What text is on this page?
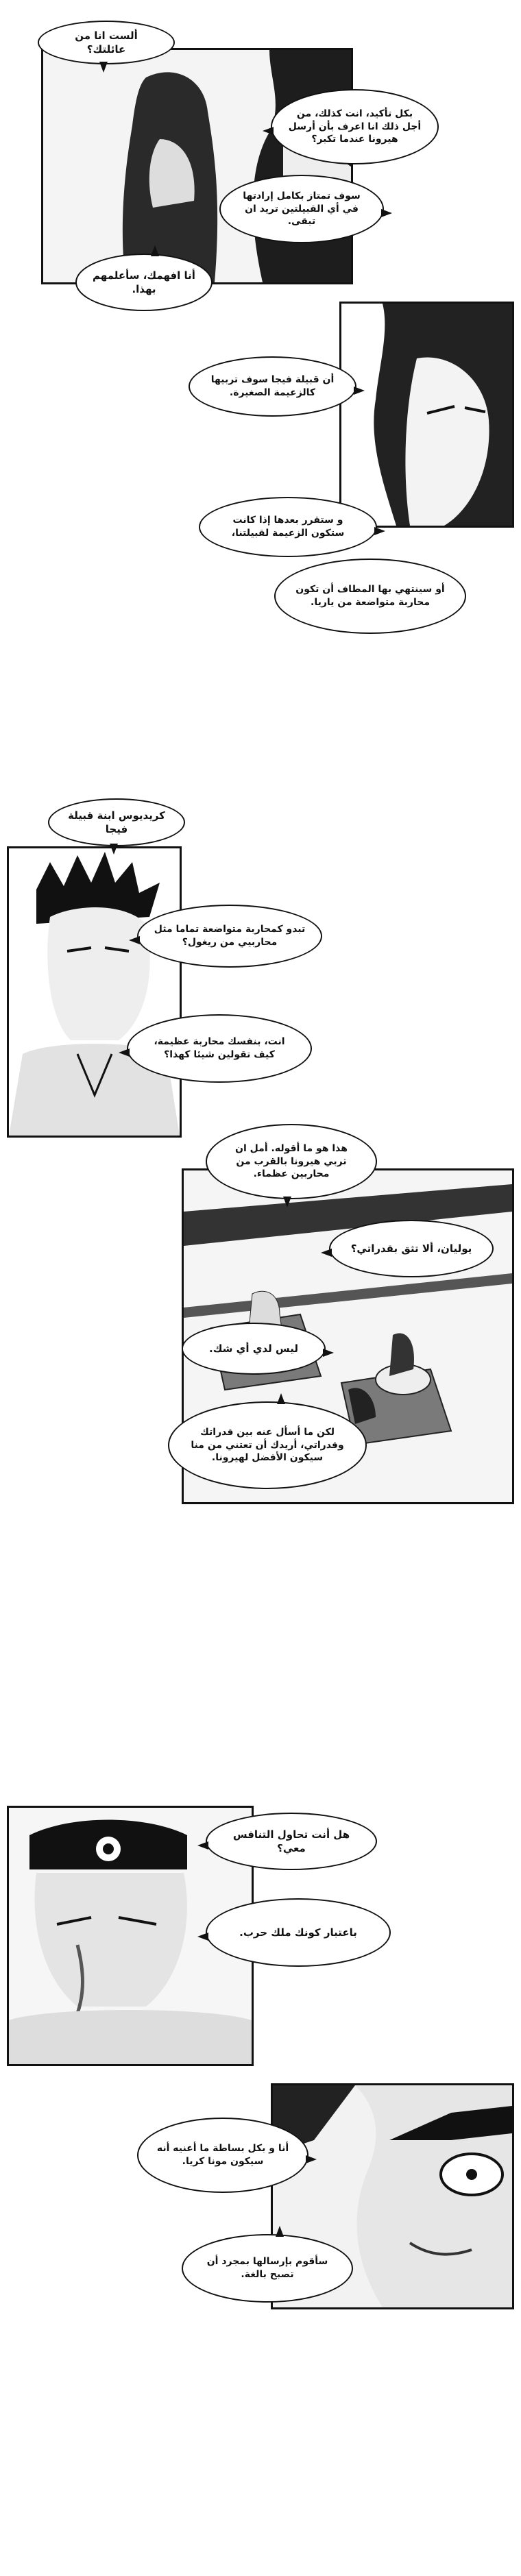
ألست انا من عائلتك؟
بكل تأكيد، انت كذلك، من أجل ذلك انا اعرف بأن أرسل هيرونا عندما تكبر؟
سوف تمتاز بكامل إرادتها في أي القبيلتين تريد ان تبقى.
أنا افهمك، سأعلمهم بهذا.
أن قبيلة فيجا سوف تربيها كالزعيمة الصغيرة.
و ستقرر بعدها إذا كانت ستكون الزعيمة لقبيلتنا،
أو سينتهي بها المطاف أن تكون محاربة متواضعة من ياريا.
كريديوس ابنة قبيلة فيجا
تبدو كمحاربة متواضعة تماما مثل محاربيي من ريغول؟
انت، بنفسك محاربة عظيمة، كيف تقولين شيئا كهذا؟
هذا هو ما أقوله. أمل ان تربي هيرونا بالقرب من محاربين عظماء.
يوليان، ألا تثق بقدراتي؟
ليس لدي أي شك.
لكن ما أسأل عنه بين قدراتك وقدراتي، أريدك أن تعتني من منا سيكون الأفضل لهيرونا.
هل أنت تحاول التنافس معي؟
باعتبار كونك ملك حرب.
أنا و بكل بساطة ما أعنيه أنه سيكون مونا كريا.
سأقوم بإرسالها بمجرد أن تصبح بالغة.
